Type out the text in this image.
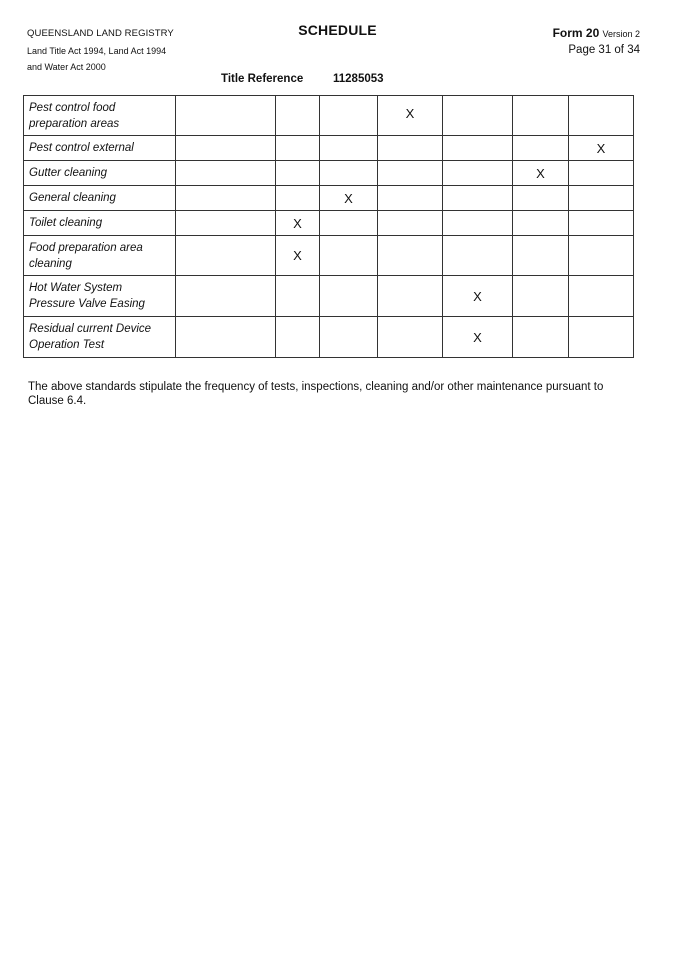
QUEENSLAND LAND REGISTRY
Land Title Act 1994, Land Act 1994
and Water Act 2000
SCHEDULE	Form 20 Version 2
Page 31 of 34
Title Reference	11285053
Pest control food
preparation areas				X			

Pest control external							X

Gutter cleaning						X	

General cleaning			X				

Toilet cleaning		X					

Food preparation area
cleaning		X					

Hot Water System
Pressure Valve Easing					X		

Residual current Device
Operation Test					X		
The above standards stipulate the frequency of tests, inspections, cleaning and/or other maintenance pursuant to Clause 6.4.
